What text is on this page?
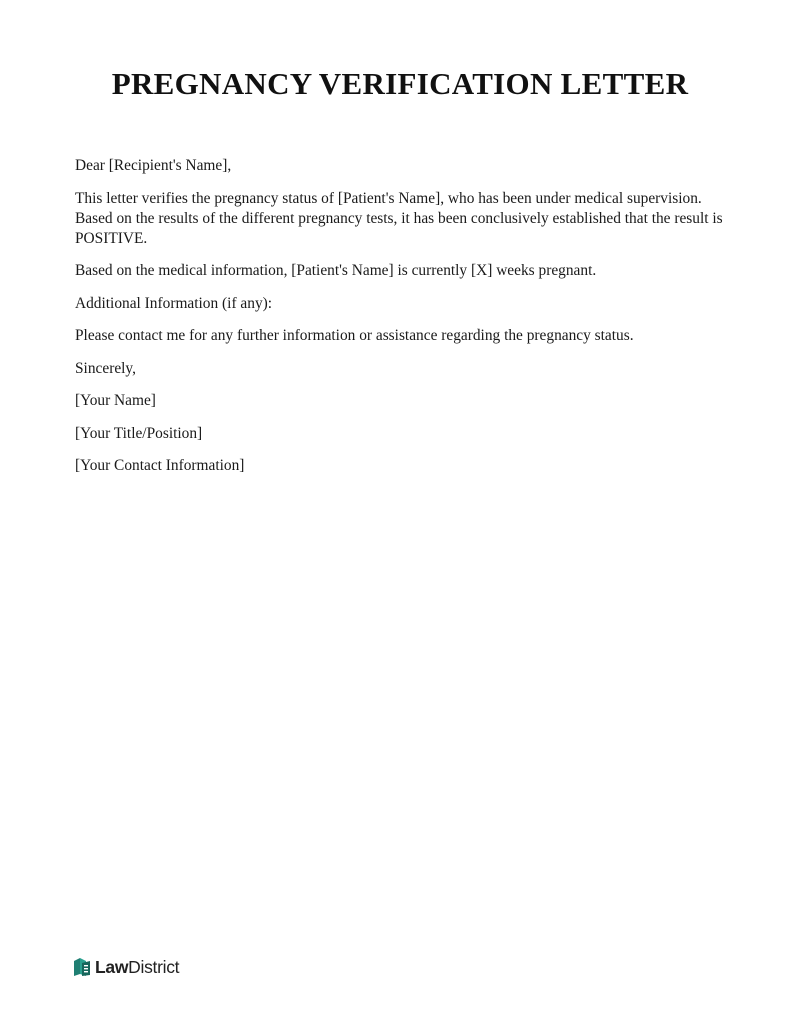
PREGNANCY VERIFICATION LETTER

Dear [Recipient's Name],

This letter verifies the pregnancy status of [Patient's Name], who has been under medical supervision. Based on the results of the different pregnancy tests, it has been conclusively established that the result is POSITIVE.

Based on the medical information, [Patient's Name] is currently [X] weeks pregnant.

Additional Information (if any):

Please contact me for any further information or assistance regarding the pregnancy status.

Sincerely,

[Your Name]

[Your Title/Position]

[Your Contact Information]

LawDistrict
